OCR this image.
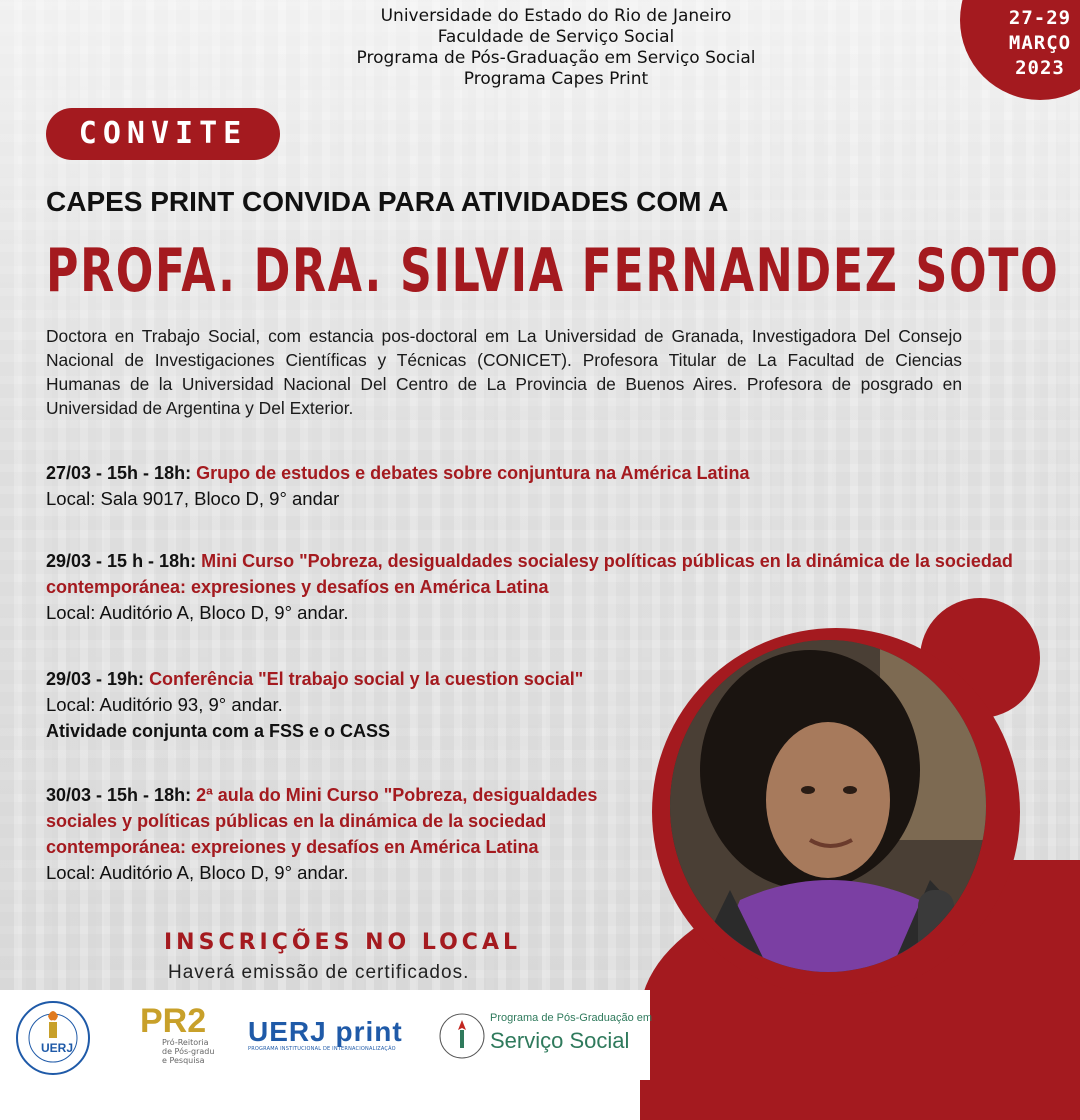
Universidade do Estado do Rio de Janeiro
Faculdade de Serviço Social
Programa de Pós-Graduação em Serviço Social
Programa Capes Print
27-29
MARÇO
2023
CONVITE
CAPES PRINT CONVIDA PARA ATIVIDADES COM A
PROFA. DRA. SILVIA FERNANDEZ SOTO
Doctora en Trabajo Social, com estancia pos-doctoral em La Universidad de Granada, Investigadora Del Consejo Nacional de Investigaciones Científicas y Técnicas (CONICET). Profesora Titular de La Facultad de Ciencias Humanas de la Universidad Nacional Del Centro de La Provincia de Buenos Aires. Profesora de posgrado en Universidad de Argentina y Del Exterior.
27/03 - 15h - 18h: Grupo de estudos e debates sobre conjuntura na América Latina
Local: Sala 9017, Bloco D, 9° andar
29/03 - 15 h - 18h: Mini Curso "Pobreza, desigualdades socialesy políticas públicas en la dinámica de la sociedad contemporánea: expresiones y desafíos en América Latina
Local: Auditório A, Bloco D, 9° andar.
29/03 - 19h: Conferência "El trabajo social y la cuestion social"
Local: Auditório 93, 9° andar.
Atividade conjunta com a FSS e o CASS
30/03 - 15h - 18h: 2ª aula do Mini Curso "Pobreza, desigualdades sociales y políticas públicas en la dinámica de la sociedad contemporánea: expreiones y desafíos en América Latina
Local: Auditório A, Bloco D, 9° andar.
INSCRIÇÕES NO LOCAL
Haverá emissão de certificados.
UERJ
PR2
Pró-Reitoria
de Pós-gradu
e Pesquisa
UERJ print
PROGRAMA INSTITUCIONAL DE INTERNACIONALIZAÇÃO
Programa de Pós-Graduação em
Serviço Social
